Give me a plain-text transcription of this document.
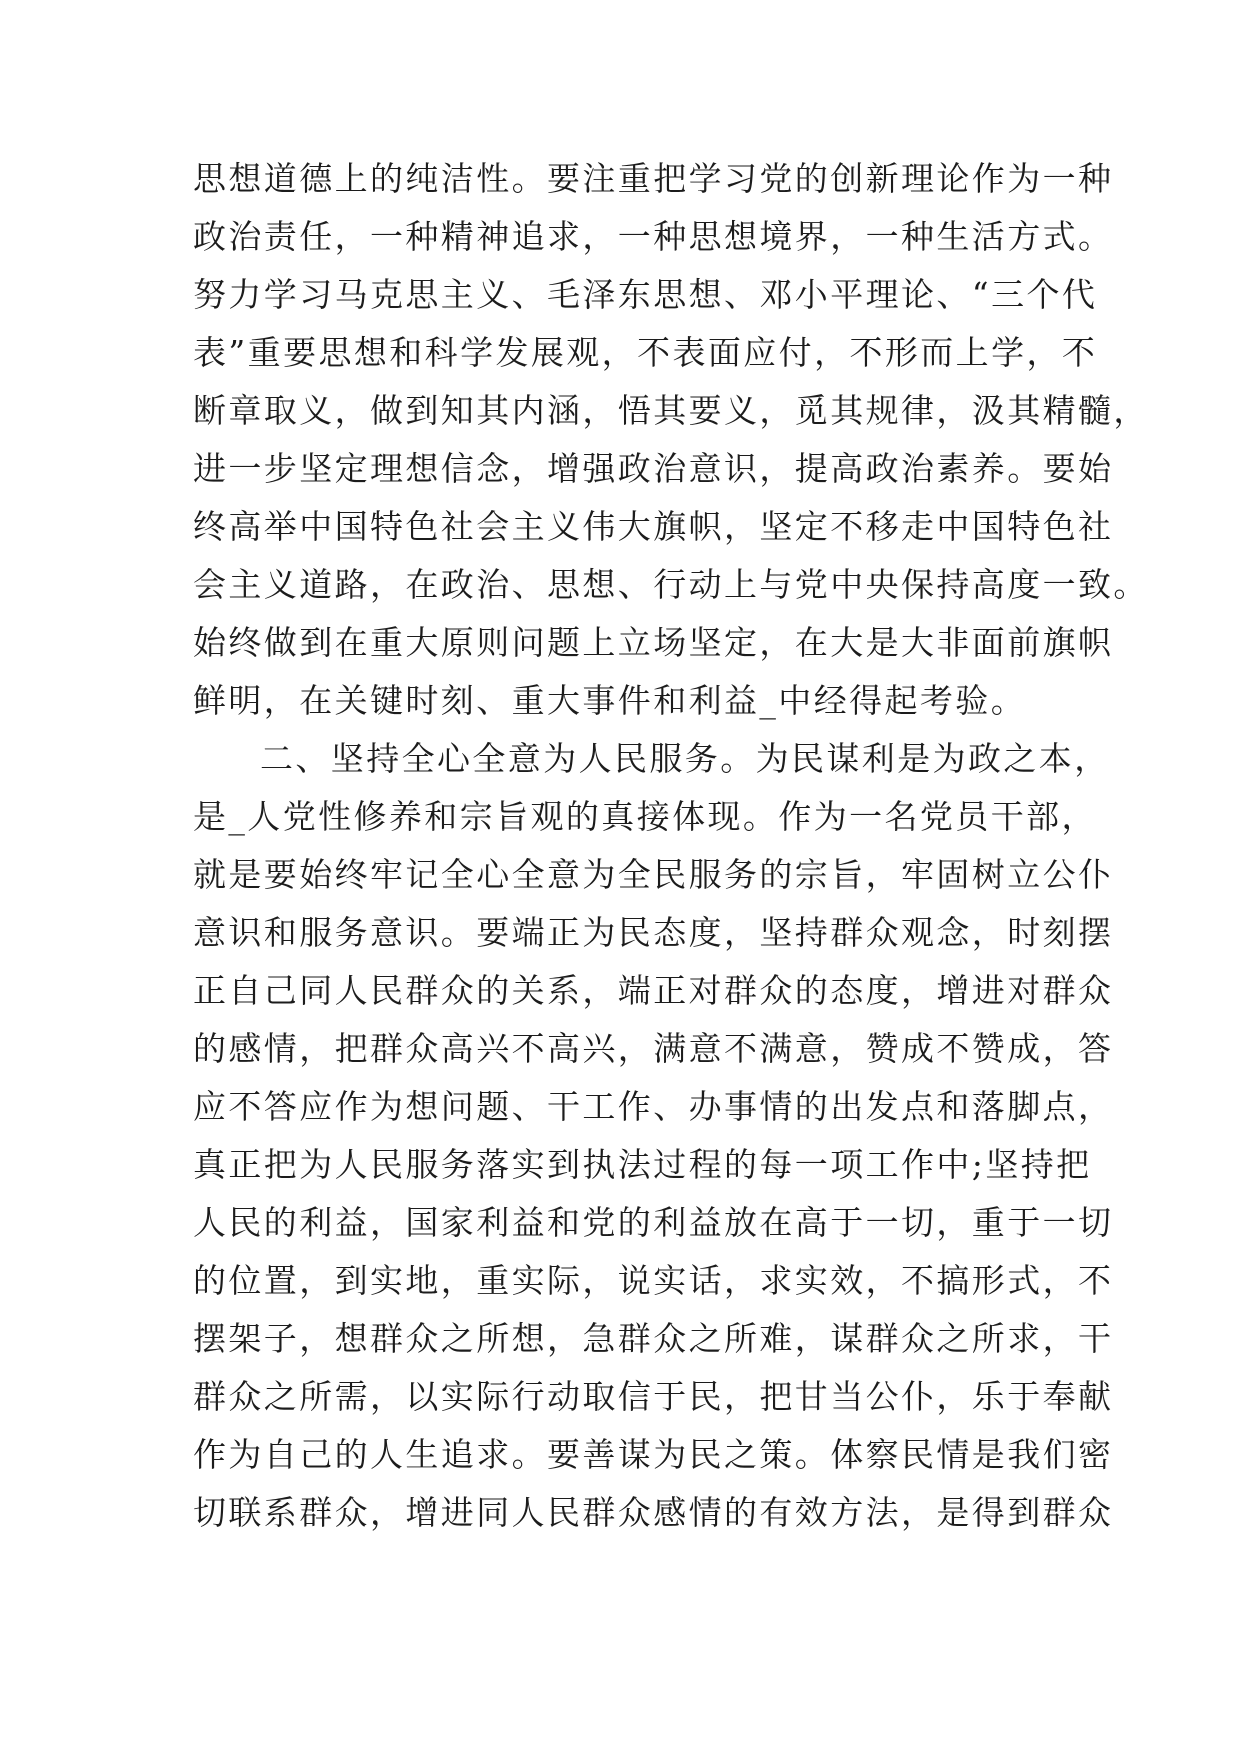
思想道德上的纯洁性。要注重把学习党的创新理论作为一种

政治责任，一种精神追求，一种思想境界，一种生活方式。

努力学习马克思主义、毛泽东思想、邓小平理论、“三个代

表”重要思想和科学发展观，不表面应付，不形而上学，不

断章取义，做到知其内涵，悟其要义，觅其规律，汲其精髓，

进一步坚定理想信念，增强政治意识，提高政治素养。要始

终高举中国特色社会主义伟大旗帜，坚定不移走中国特色社

会主义道路，在政治、思想、行动上与党中央保持高度一致。

始终做到在重大原则问题上立场坚定，在大是大非面前旗帜

鲜明，在关键时刻、重大事件和利益_中经得起考验。

二、坚持全心全意为人民服务。为民谋利是为政之本，

是_人党性修养和宗旨观的真接体现。作为一名党员干部，

就是要始终牢记全心全意为全民服务的宗旨，牢固树立公仆

意识和服务意识。要端正为民态度，坚持群众观念，时刻摆

正自己同人民群众的关系，端正对群众的态度，增进对群众

的感情，把群众高兴不高兴，满意不满意，赞成不赞成，答

应不答应作为想问题、干工作、办事情的出发点和落脚点，

真正把为人民服务落实到执法过程的每一项工作中;坚持把

人民的利益，国家利益和党的利益放在高于一切，重于一切

的位置，到实地，重实际，说实话，求实效，不搞形式，不

摆架子，想群众之所想，急群众之所难，谋群众之所求，干

群众之所需，以实际行动取信于民，把甘当公仆，乐于奉献

作为自己的人生追求。要善谋为民之策。体察民情是我们密

切联系群众，增进同人民群众感情的有效方法，是得到群众
